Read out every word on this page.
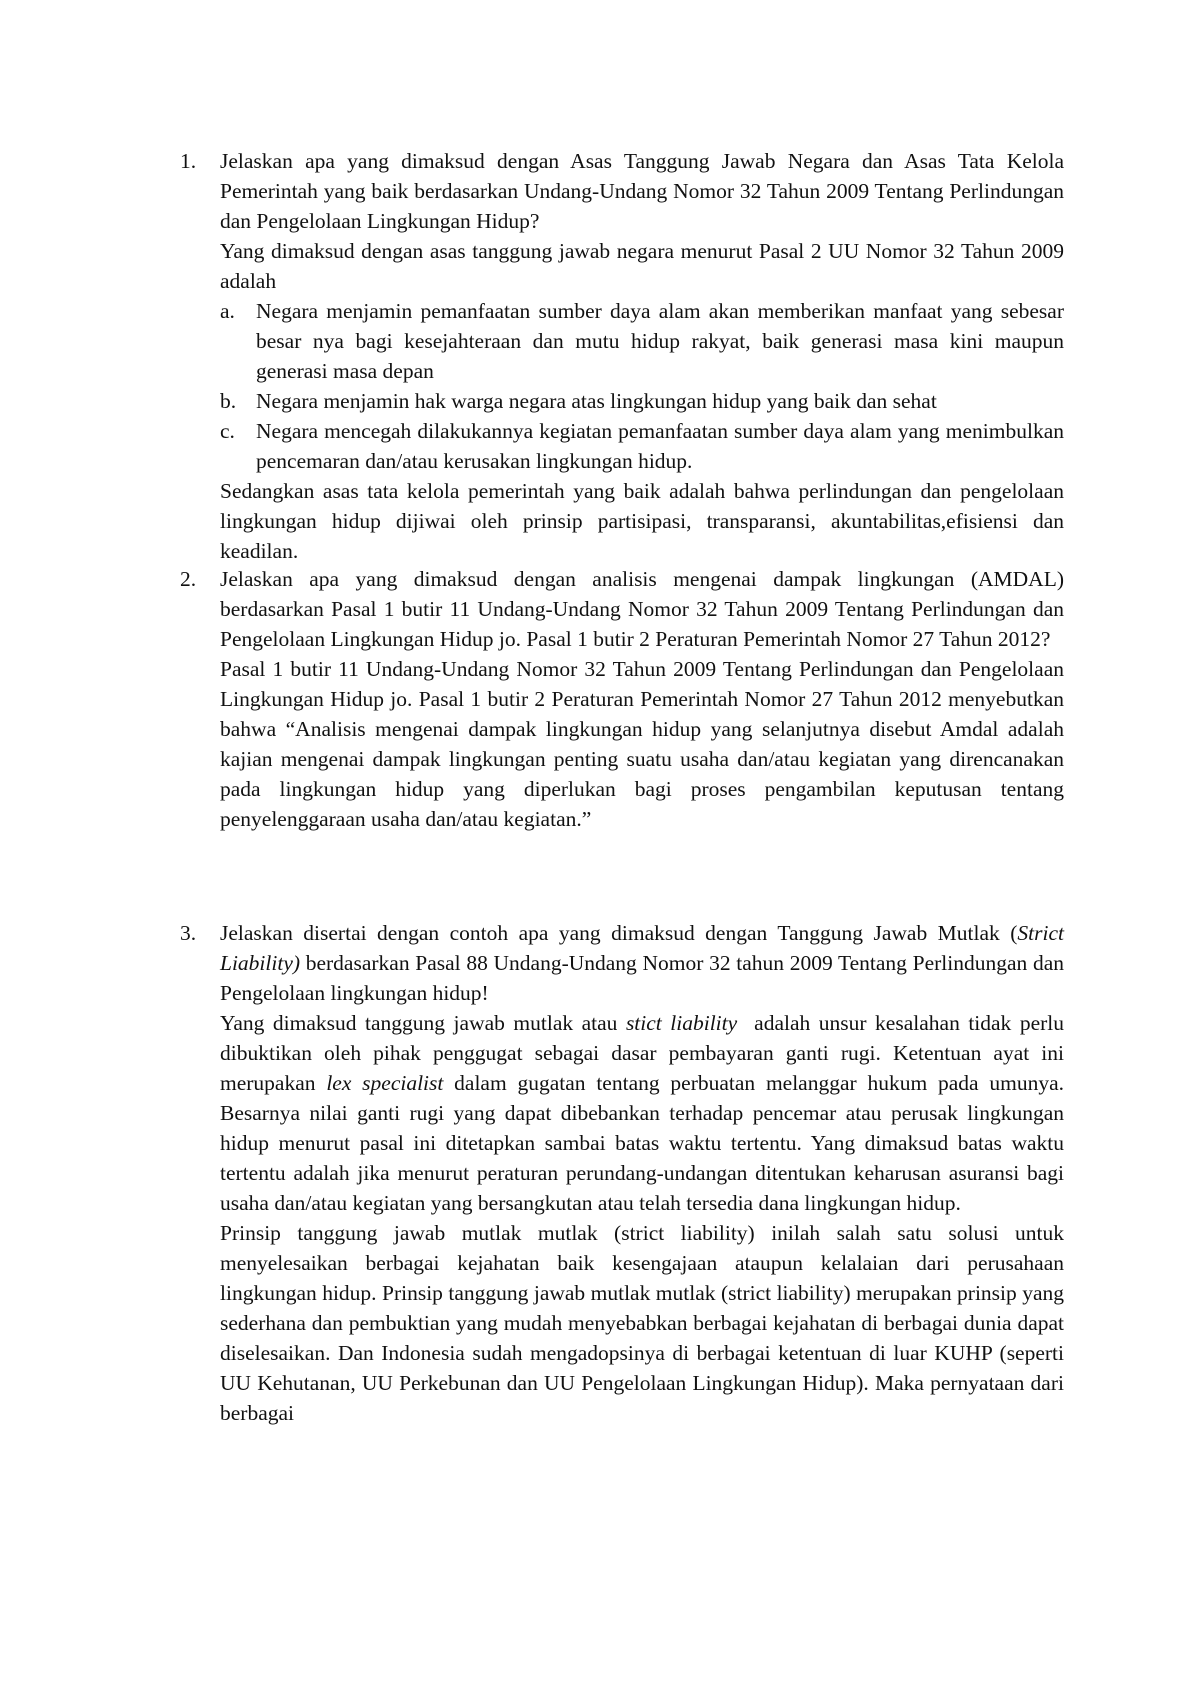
1. Jelaskan apa yang dimaksud dengan Asas Tanggung Jawab Negara dan Asas Tata Kelola Pemerintah yang baik berdasarkan Undang-Undang Nomor 32 Tahun 2009 Tentang Perlindungan dan Pengelolaan Lingkungan Hidup?

Yang dimaksud dengan asas tanggung jawab negara menurut Pasal 2 UU Nomor 32 Tahun 2009 adalah

a. Negara menjamin pemanfaatan sumber daya alam akan memberikan manfaat yang sebesar besar nya bagi kesejahteraan dan mutu hidup rakyat, baik generasi masa kini maupun generasi masa depan

b. Negara menjamin hak warga negara atas lingkungan hidup yang baik dan sehat

c. Negara mencegah dilakukannya kegiatan pemanfaatan sumber daya alam yang menimbulkan pencemaran dan/atau kerusakan lingkungan hidup.

Sedangkan asas tata kelola pemerintah yang baik adalah bahwa perlindungan dan pengelolaan lingkungan hidup dijiwai oleh prinsip partisipasi, transparansi, akuntabilitas,efisiensi dan keadilan.

2. Jelaskan apa yang dimaksud dengan analisis mengenai dampak lingkungan (AMDAL) berdasarkan Pasal 1 butir 11 Undang-Undang Nomor 32 Tahun 2009 Tentang Perlindungan dan Pengelolaan Lingkungan Hidup jo. Pasal 1 butir 2 Peraturan Pemerintah Nomor 27 Tahun 2012?

Pasal 1 butir 11 Undang-Undang Nomor 32 Tahun 2009 Tentang Perlindungan dan Pengelolaan Lingkungan Hidup jo. Pasal 1 butir 2 Peraturan Pemerintah Nomor 27 Tahun 2012 menyebutkan bahwa “Analisis mengenai dampak lingkungan hidup yang selanjutnya disebut Amdal adalah kajian mengenai dampak lingkungan penting suatu usaha dan/atau kegiatan yang direncanakan pada lingkungan hidup yang diperlukan bagi proses pengambilan keputusan tentang penyelenggaraan usaha dan/atau kegiatan.”

3. Jelaskan disertai dengan contoh apa yang dimaksud dengan Tanggung Jawab Mutlak (Strict Liability) berdasarkan Pasal 88 Undang-Undang Nomor 32 tahun 2009 Tentang Perlindungan dan Pengelolaan lingkungan hidup!

Yang dimaksud tanggung jawab mutlak atau stict liability  adalah unsur kesalahan tidak perlu dibuktikan oleh pihak penggugat sebagai dasar pembayaran ganti rugi. Ketentuan ayat ini merupakan lex specialist dalam gugatan tentang perbuatan melanggar hukum pada umunya. Besarnya nilai ganti rugi yang dapat dibebankan terhadap pencemar atau perusak lingkungan hidup menurut pasal ini ditetapkan sambai batas waktu tertentu. Yang dimaksud batas waktu tertentu adalah jika menurut peraturan perundang-undangan ditentukan keharusan asuransi bagi usaha dan/atau kegiatan yang bersangkutan atau telah tersedia dana lingkungan hidup.

Prinsip tanggung jawab mutlak mutlak (strict liability) inilah salah satu solusi untuk menyelesaikan berbagai kejahatan baik kesengajaan ataupun kelalaian dari perusahaan lingkungan hidup. Prinsip tanggung jawab mutlak mutlak (strict liability) merupakan prinsip yang sederhana dan pembuktian yang mudah menyebabkan berbagai kejahatan di berbagai dunia dapat diselesaikan. Dan Indonesia sudah mengadopsinya di berbagai ketentuan di luar KUHP (seperti UU Kehutanan, UU Perkebunan dan UU Pengelolaan Lingkungan Hidup). Maka pernyataan dari berbagai
